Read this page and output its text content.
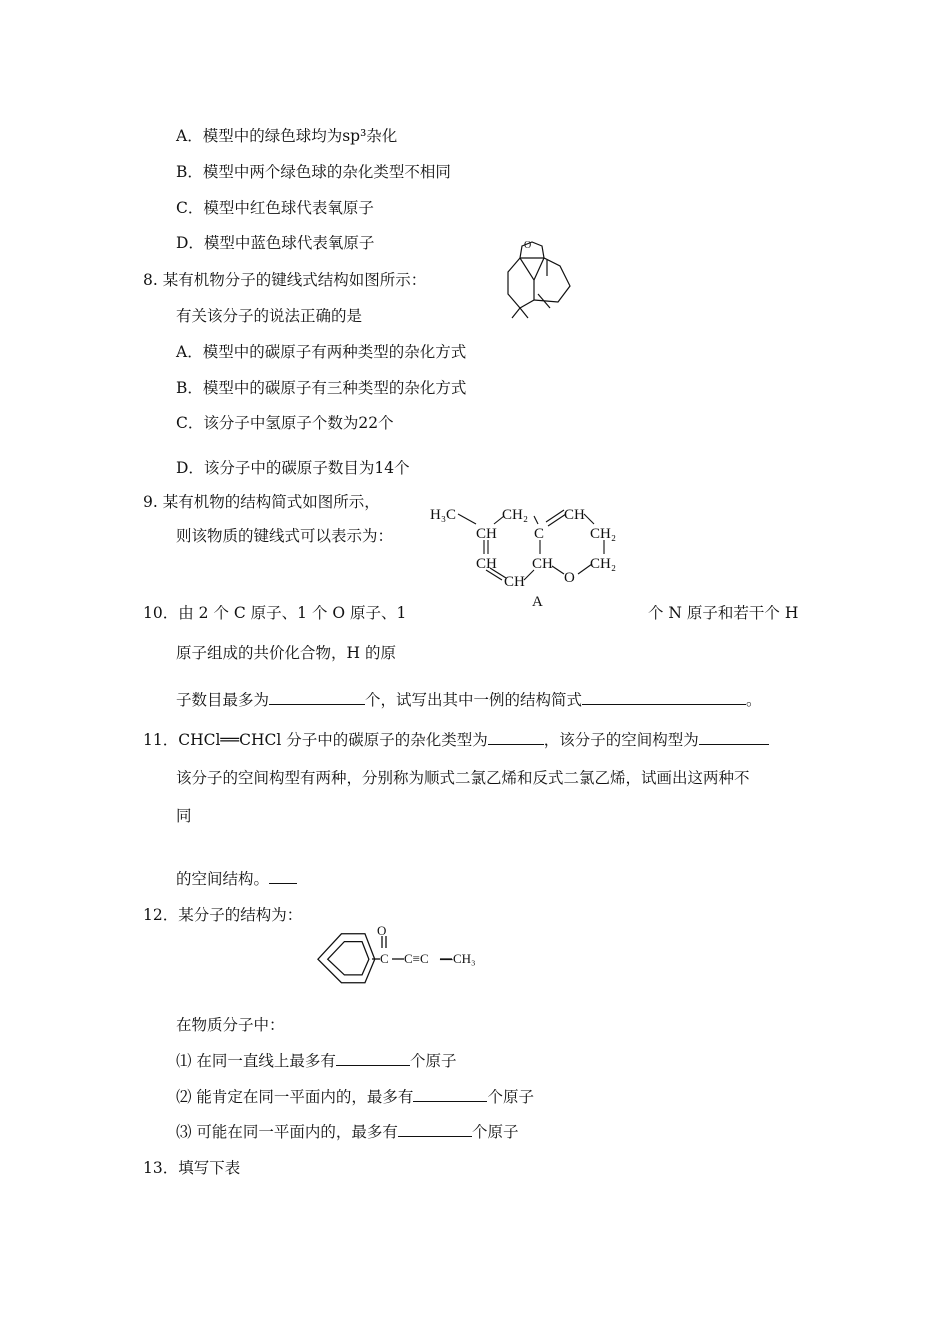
A．模型中的绿色球均为sp³杂化
B．模型中两个绿色球的杂化类型不相同
C．模型中红色球代表氧原子
D．模型中蓝色球代表氧原子
8. 某有机物分子的键线式结构如图所示：
有关该分子的说法正确的是
A．模型中的碳原子有两种类型的杂化方式
B．模型中的碳原子有三种类型的杂化方式
C．该分子中氢原子个数为22个
D．该分子中的碳原子数目为14个
O
9. 某有机物的结构简式如图所示，
则该物质的键线式可以表示为：
H₃C	CH₂ CH
CH C	CH₂
CH CH
O
CH₂
CH
A
10．由 2 个 C 原子、1 个 O 原子、1	个 N 原子和若干个 H
原子组成的共价化合物，H 的原
子数目最多为	个，试写出其中一例的结构简式	。
11．CHCl══CHCl 分子中的碳原子的杂化类型为	，该分子的空间构型为
该分子的空间构型有两种，分别称为顺式二氯乙烯和反式二氯乙烯，试画出这两种不
同
的空间结构。
12．某分子的结构为：
O
C C≡C —CH₃
在物质分子中：
⑴ 在同一直线上最多有	个原子
⑵ 能肯定在同一平面内的，最多有	个原子
⑶ 可能在同一平面内的，最多有	个原子
13．填写下表
